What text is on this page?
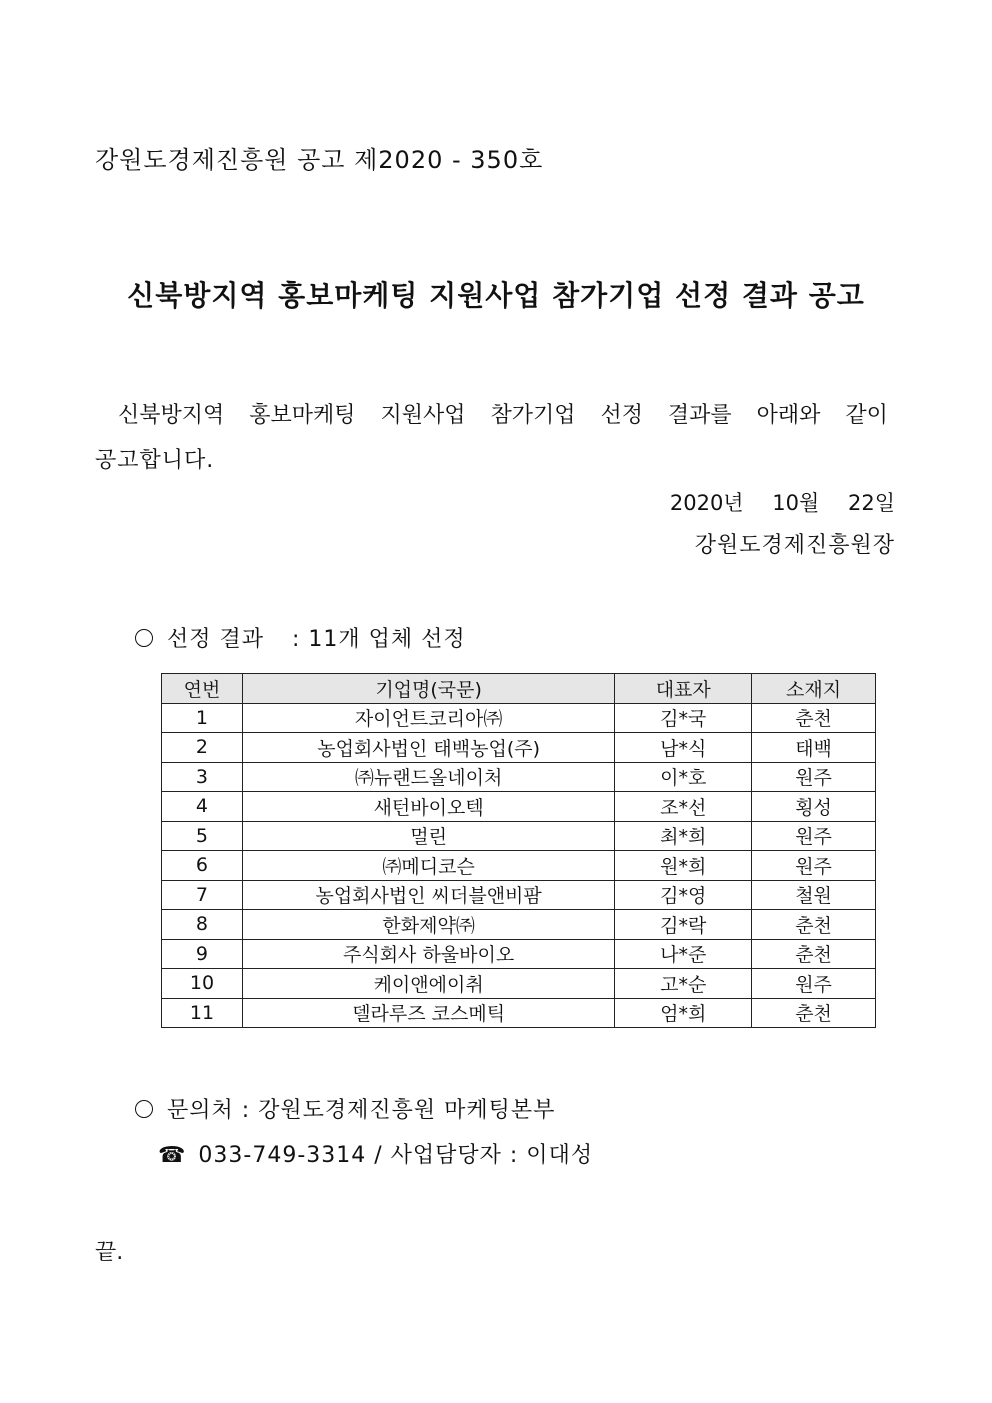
강원도경제진흥원 공고 제2020 - 350호
신북방지역 홍보마케팅 지원사업 참가기업 선정 결과 공고
신북방지역 홍보마케팅 지원사업 참가기업 선정 결과를 아래와 같이
공고합니다.
2020년 10월 22일
강원도경제진흥원장
선정 결과 : 11개 업체 선정
연번	기업명(국문)	대표자	소재지
1	자이언트코리아㈜	김*국	춘천
2	농업회사법인 태백농업(주)	남*식	태백
3	㈜뉴랜드올네이처	이*호	원주
4	새턴바이오텍	조*선	횡성
5	멀린	최*희	원주
6	㈜메디코슨	원*희	원주
7	농업회사법인 씨더블앤비팜	김*영	철원
8	한화제약㈜	김*락	춘천
9	주식회사 하울바이오	나*준	춘천
10	케이앤에이취	고*순	원주
11	델라루즈 코스메틱	엄*희	춘천
문의처 : 강원도경제진흥원 마케팅본부
☎ 033-749-3314 / 사업담당자 : 이대성
끝.
